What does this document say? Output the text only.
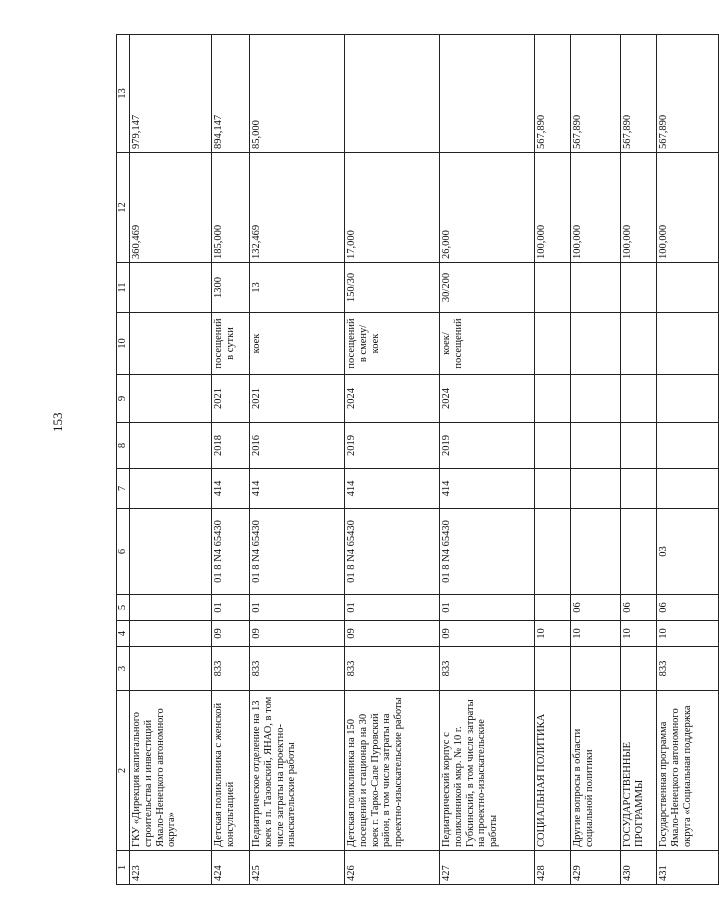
153
1	2	3	4	5	6	7	8	9	10	11	12	13
423	ГКУ «Дирекция капитального строительства и инвестиций Ямало-Ненецкого автономного округа»										360,469	979,147
424	Детская поликлиника с женской консультацией	833	09	01	01 8 N4 65430	414	2018	2021	посещений в сутки	1300	185,000	894,147
425	Педиатрическое отделение на 13 коек в п. Тазовский, ЯНАО, в том числе затраты на проектно-изыскательские работы	833	09	01	01 8 N4 65430	414	2016	2021	коек	13	132,469	85,000
426	Детская поликлиника на 150 посещений и стационар на 30 коек г. Тарко-Сале Пуровский район, в том числе затраты на проектно-изыскательские работы	833	09	01	01 8 N4 65430	414	2019	2024	посещений в смену/коек	150/30	17,000	
427	Педиатрический корпус с поликлиникой мкр. № 10 г. Губкинский, в том числе затраты на проектно-изыскательские работы	833	09	01	01 8 N4 65430	414	2019	2024	коек/посещений	30/200	26,000	
428	СОЦИАЛЬНАЯ ПОЛИТИКА		10								100,000	567,890
429	Другие вопросы в области социальной политики		10	06							100,000	567,890
430	ГОСУДАРСТВЕННЫЕ ПРОГРАММЫ		10	06							100,000	567,890
431	Государственная программа Ямало-Ненецкого автономного округа «Социальная поддержка	833	10	06	03						100,000	567,890
